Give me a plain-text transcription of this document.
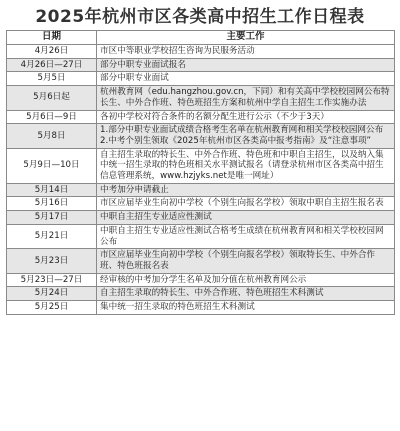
2025年杭州市区各类高中招生工作日程表
日期	主要工作
4月26日	市区中等职业学校招生咨询为民服务活动
4月26日—27日	部分中职专业面试报名
5月5日	部分中职专业面试
5月6日起	杭州教育网（edu.hangzhou.gov.cn，下同）和有关高中学校校园网公布特长生、中外合作班、特色班招生方案和杭州中学自主招生工作实施办法
5月6日—9日	各初中学校对符合条件的名额分配生进行公示（不少于3天）
5月8日	1.部分中职专业面试成绩合格考生名单在杭州教育网和相关学校校园网公布
2.中考个别生领取《2025年杭州市区各类高中报考指南》及“注意事项”
5月9日—10日	自主招生录取的特长生、中外合作班、特色班和中职自主招生，以及纳入集中统一招生录取的特色班相关水平测试报名（请登录杭州市区各类高中招生信息管理系统，www.hzjyks.net是唯一网址）
5月14日	中考加分申请截止
5月16日	市区应届毕业生向初中学校（个别生向报名学校）领取中职自主招生报名表
5月17日	中职自主招生专业适应性测试
5月21日	中职自主招生专业适应性测试合格考生成绩在杭州教育网和相关学校校园网公布
5月23日	市区应届毕业生向初中学校（个别生向报名学校）领取特长生、中外合作班、特色班报名表
5月23日—27日	经审核的中考加分学生名单及加分值在杭州教育网公示
5月24日	自主招生录取的特长生、中外合作班、特色班招生术科测试
5月25日	集中统一招生录取的特色班招生术科测试
